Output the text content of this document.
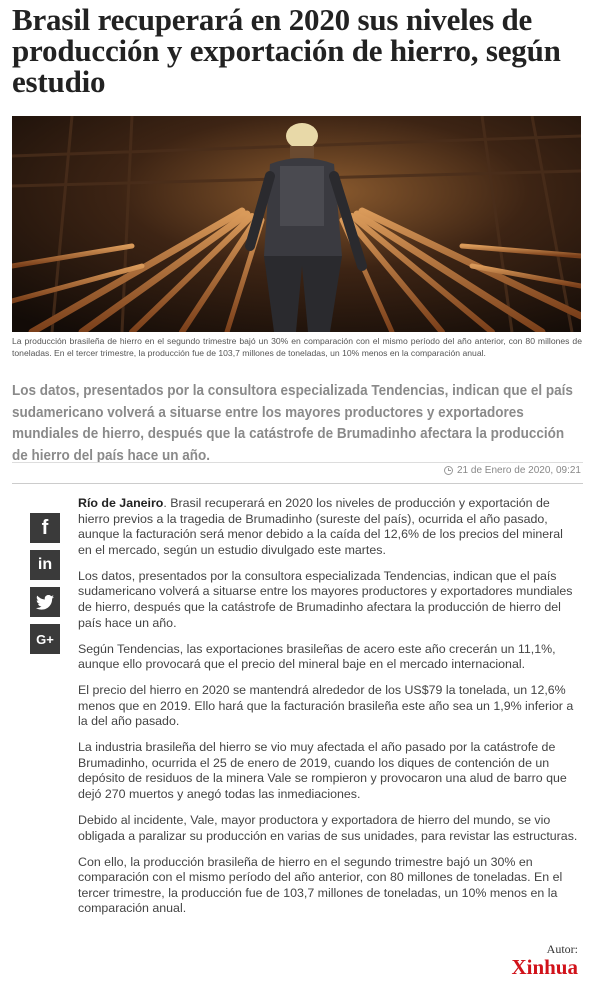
Brasil recuperará en 2020 sus niveles de producción y exportación de hierro, según estudio

La producción brasileña de hierro en el segundo trimestre bajó un 30% en comparación con el mismo período del año anterior, con 80 millones de toneladas. En el tercer trimestre, la producción fue de 103,7 millones de toneladas, un 10% menos en la comparación anual.

Los datos, presentados por la consultora especializada Tendencias, indican que el país sudamericano volverá a situarse entre los mayores productores y exportadores mundiales de hierro, después que la catástrofe de Brumadinho afectara la producción de hierro del país hace un año.

21 de Enero de 2020, 09:21
f
in
G+

Río de Janeiro. Brasil recuperará en 2020 los niveles de producción y exportación de hierro previos a la tragedia de Brumadinho (sureste del país), ocurrida el año pasado, aunque la facturación será menor debido a la caída del 12,6% de los precios del mineral en el mercado, según un estudio divulgado este martes.

Los datos, presentados por la consultora especializada Tendencias, indican que el país sudamericano volverá a situarse entre los mayores productores y exportadores mundiales de hierro, después que la catástrofe de Brumadinho afectara la producción de hierro del país hace un año.

Según Tendencias, las exportaciones brasileñas de acero este año crecerán un 11,1%, aunque ello provocará que el precio del mineral baje en el mercado internacional.

El precio del hierro en 2020 se mantendrá alrededor de los US$79 la tonelada, un 12,6% menos que en 2019. Ello hará que la facturación brasileña este año sea un 1,9% inferior a la del año pasado.

La industria brasileña del hierro se vio muy afectada el año pasado por la catástrofe de Brumadinho, ocurrida el 25 de enero de 2019, cuando los diques de contención de un depósito de residuos de la minera Vale se rompieron y provocaron una alud de barro que dejó 270 muertos y anegó todas las inmediaciones.

Debido al incidente, Vale, mayor productora y exportadora de hierro del mundo, se vio obligada a paralizar su producción en varias de sus unidades, para revistar las estructuras.

Con ello, la producción brasileña de hierro en el segundo trimestre bajó un 30% en comparación con el mismo período del año anterior, con 80 millones de toneladas. En el tercer trimestre, la producción fue de 103,7 millones de toneladas, un 10% menos en la comparación anual.

Autor:
Xinhua
